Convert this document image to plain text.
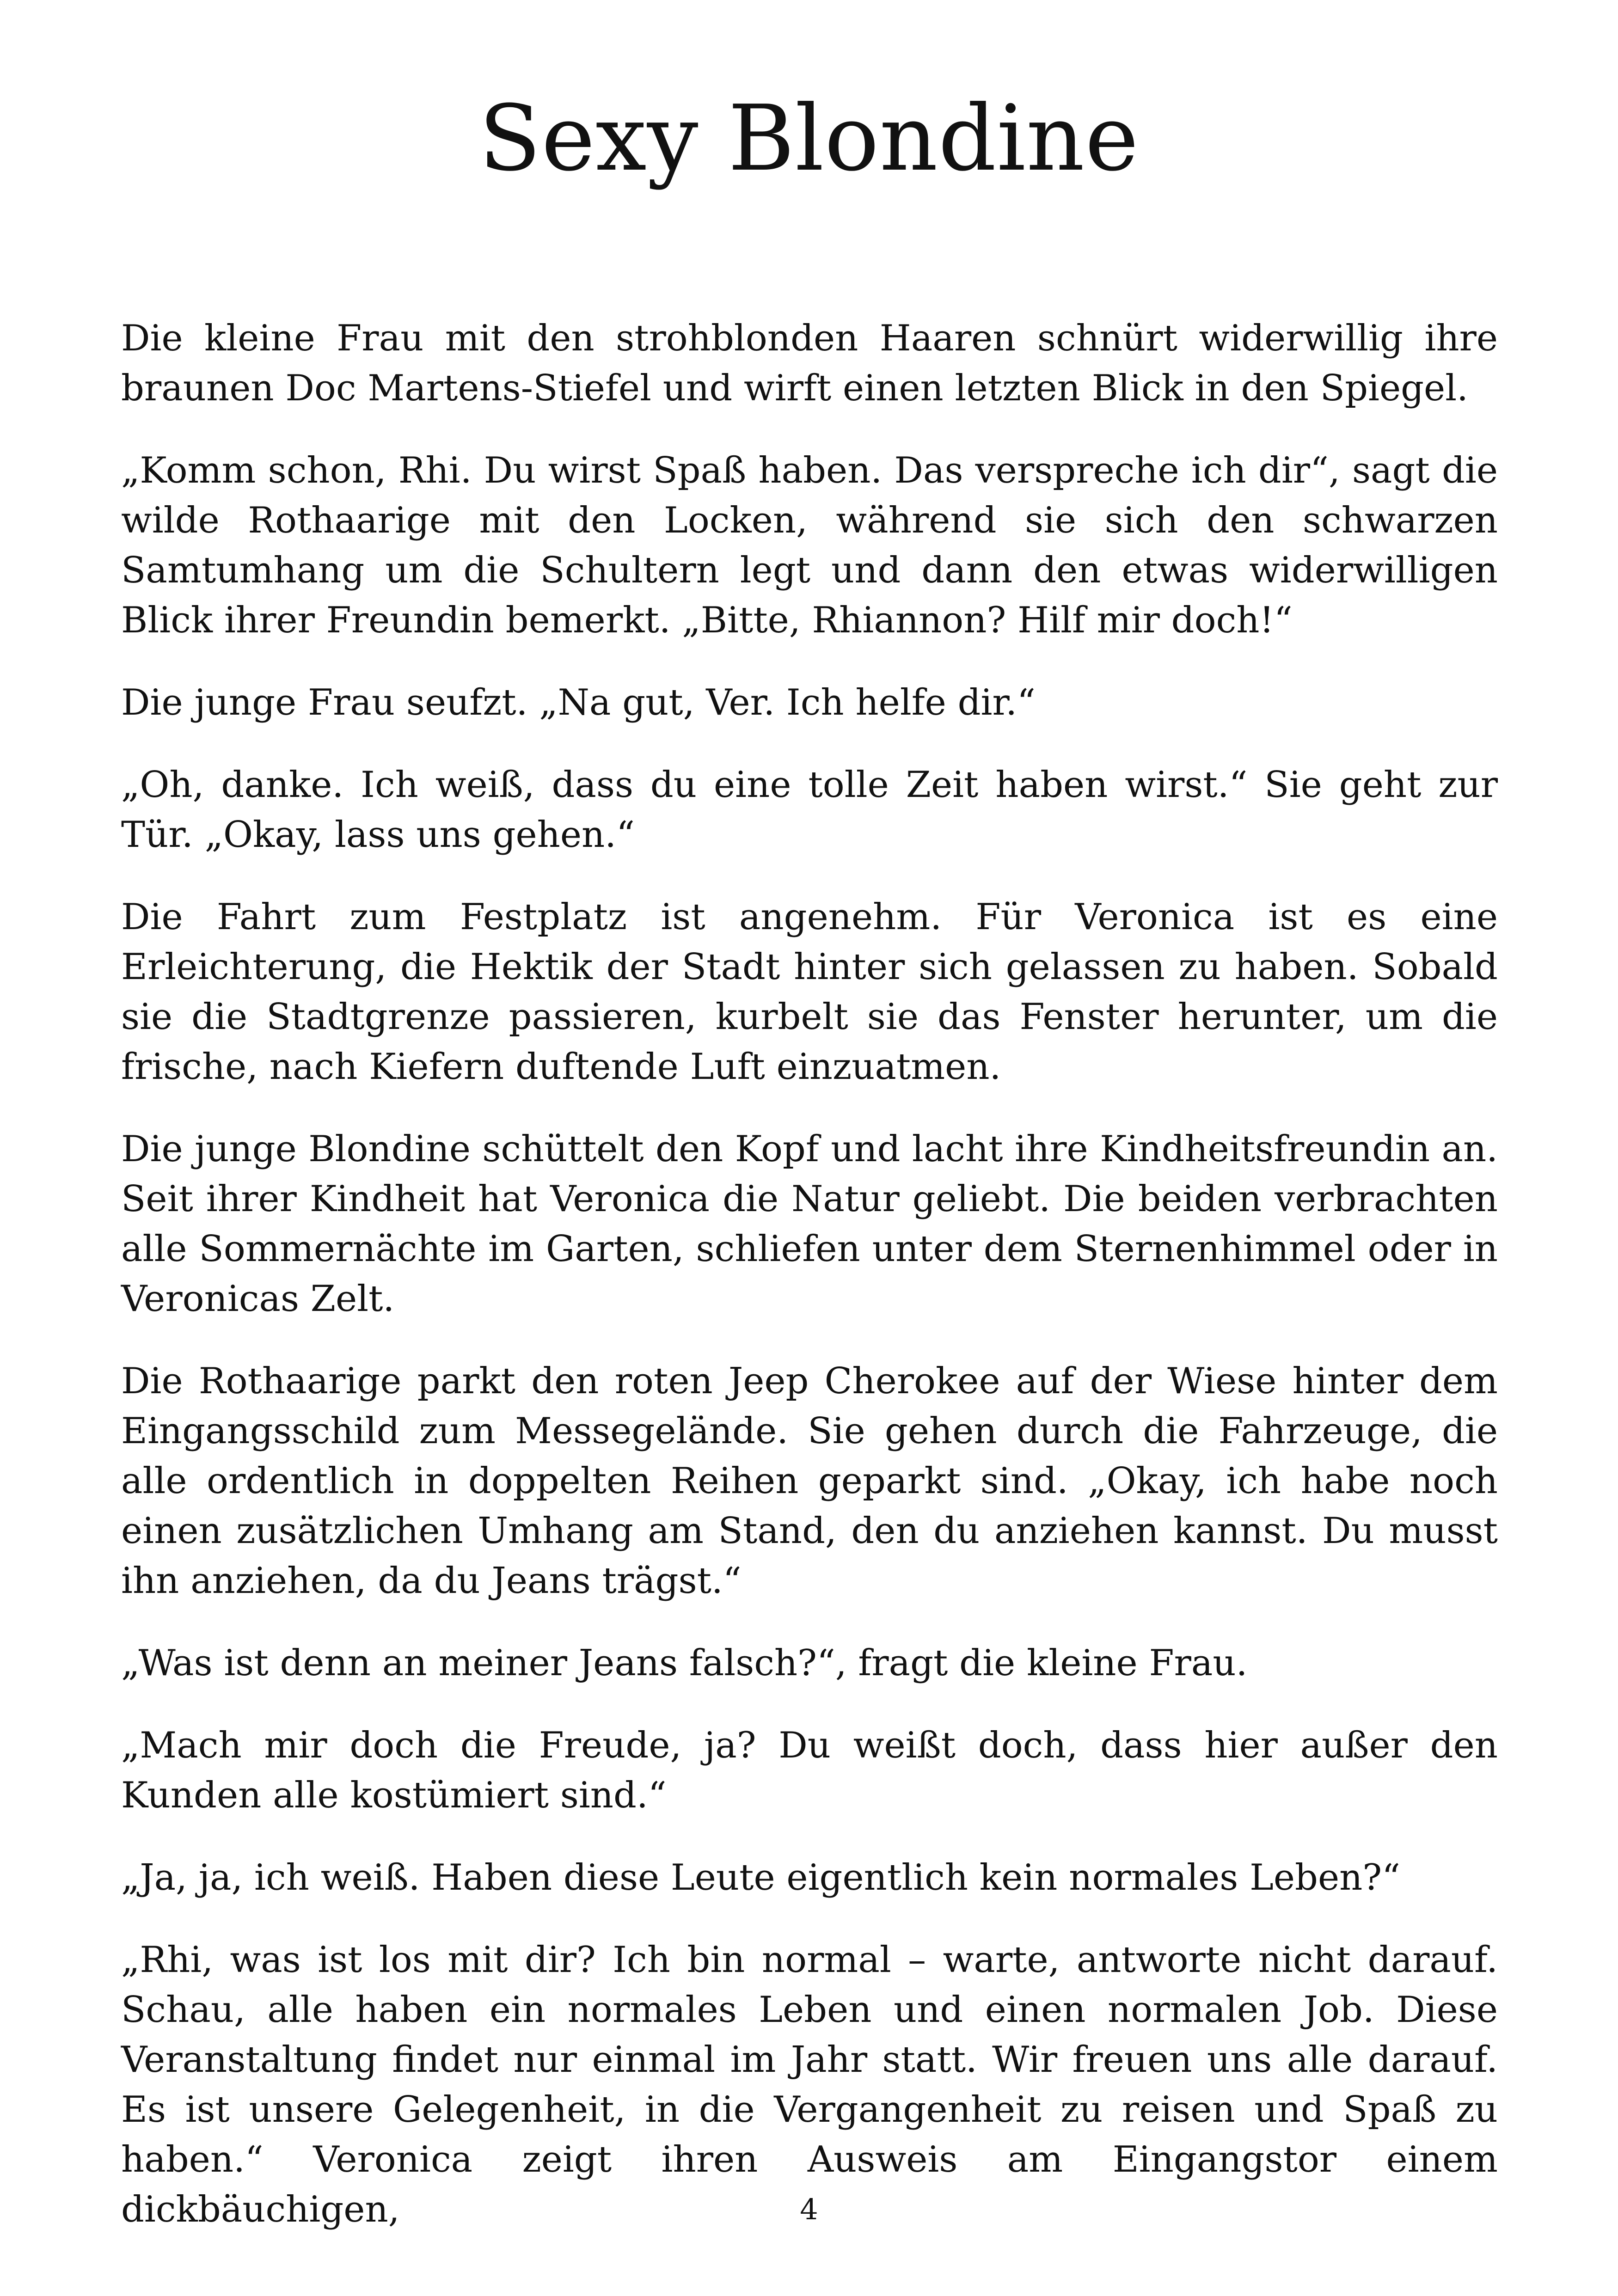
Sexy Blondine

Die kleine Frau mit den strohblonden Haaren schnürt widerwillig ihre braunen Doc Martens-Stiefel und wirft einen letzten Blick in den Spiegel.

„Komm schon, Rhi. Du wirst Spaß haben. Das verspreche ich dir“, sagt die wilde Rothaarige mit den Locken, während sie sich den schwarzen Samtumhang um die Schultern legt und dann den etwas widerwilligen Blick ihrer Freundin bemerkt. „Bitte, Rhiannon? Hilf mir doch!“

Die junge Frau seufzt. „Na gut, Ver. Ich helfe dir.“

„Oh, danke. Ich weiß, dass du eine tolle Zeit haben wirst.“ Sie geht zur Tür. „Okay, lass uns gehen.“

Die Fahrt zum Festplatz ist angenehm. Für Veronica ist es eine Erleichterung, die Hektik der Stadt hinter sich gelassen zu haben. Sobald sie die Stadtgrenze passieren, kurbelt sie das Fenster herunter, um die frische, nach Kiefern duftende Luft einzuatmen.

Die junge Blondine schüttelt den Kopf und lacht ihre Kindheitsfreundin an. Seit ihrer Kindheit hat Veronica die Natur geliebt. Die beiden verbrachten alle Sommernächte im Garten, schliefen unter dem Sternenhimmel oder in Veronicas Zelt.

Die Rothaarige parkt den roten Jeep Cherokee auf der Wiese hinter dem Eingangsschild zum Messegelände. Sie gehen durch die Fahrzeuge, die alle ordentlich in doppelten Reihen geparkt sind. „Okay, ich habe noch einen zusätzlichen Umhang am Stand, den du anziehen kannst. Du musst ihn anziehen, da du Jeans trägst.“

„Was ist denn an meiner Jeans falsch?“, fragt die kleine Frau.

„Mach mir doch die Freude, ja? Du weißt doch, dass hier außer den Kunden alle kostümiert sind.“

„Ja, ja, ich weiß. Haben diese Leute eigentlich kein normales Leben?“

„Rhi, was ist los mit dir? Ich bin normal – warte, antworte nicht darauf. Schau, alle haben ein normales Leben und einen normalen Job. Diese Veranstaltung findet nur einmal im Jahr statt. Wir freuen uns alle darauf. Es ist unsere Gelegenheit, in die Vergangenheit zu reisen und Spaß zu haben.“ Veronica zeigt ihren Ausweis am Eingangstor einem dickbäuchigen,	4
